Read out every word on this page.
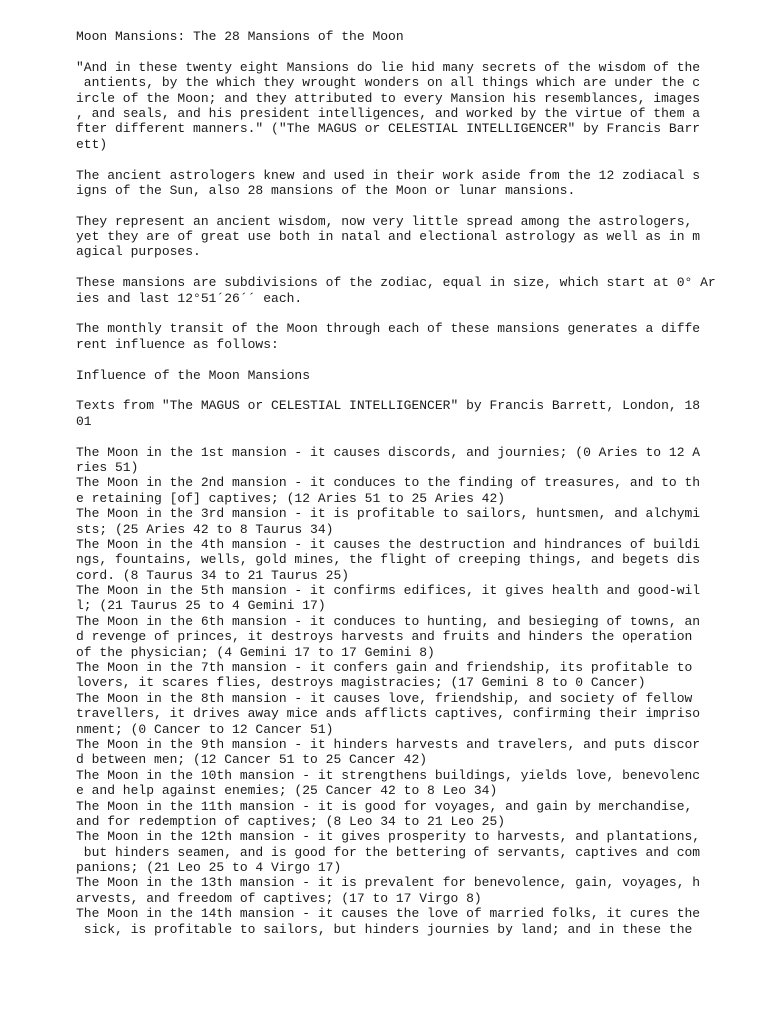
Moon Mansions: The 28 Mansions of the Moon
"And in these twenty eight Mansions do lie hid many secrets of the wisdom of the
antients, by the which they wrought wonders on all things which are under the c
ircle of the Moon; and they attributed to every Mansion his resemblances, images
, and seals, and his president intelligences, and worked by the virtue of them a
fter different manners." ("The MAGUS or CELESTIAL INTELLIGENCER" by Francis Barr
ett)
The ancient astrologers knew and used in their work aside from the 12 zodiacal s
igns of the Sun, also 28 mansions of the Moon or lunar mansions.
They represent an ancient wisdom, now very little spread among the astrologers,
yet they are of great use both in natal and electional astrology as well as in m
agical purposes.
These mansions are subdivisions of the zodiac, equal in size, which start at 0° Ar
ies and last 12°51´26´´ each.
The monthly transit of the Moon through each of these mansions generates a diffe
rent influence as follows:
Influence of the Moon Mansions
Texts from "The MAGUS or CELESTIAL INTELLIGENCER" by Francis Barrett, London, 18
01
The Moon in the 1st mansion - it causes discords, and journies; (0 Aries to 12 A
ries 51)
The Moon in the 2nd mansion - it conduces to the finding of treasures, and to th
e retaining [of] captives; (12 Aries 51 to 25 Aries 42)
The Moon in the 3rd mansion - it is profitable to sailors, huntsmen, and alchymi
sts; (25 Aries 42 to 8 Taurus 34)
The Moon in the 4th mansion - it causes the destruction and hindrances of buildi
ngs, fountains, wells, gold mines, the flight of creeping things, and begets dis
cord. (8 Taurus 34 to 21 Taurus 25)
The Moon in the 5th mansion - it confirms edifices, it gives health and good-wil
l; (21 Taurus 25 to 4 Gemini 17)
The Moon in the 6th mansion - it conduces to hunting, and besieging of towns, an
d revenge of princes, it destroys harvests and fruits and hinders the operation
of the physician; (4 Gemini 17 to 17 Gemini 8)
The Moon in the 7th mansion - it confers gain and friendship, its profitable to
lovers, it scares flies, destroys magistracies; (17 Gemini 8 to 0 Cancer)
The Moon in the 8th mansion - it causes love, friendship, and society of fellow
travellers, it drives away mice ands afflicts captives, confirming their impriso
nment; (0 Cancer to 12 Cancer 51)
The Moon in the 9th mansion - it hinders harvests and travelers, and puts discor
d between men; (12 Cancer 51 to 25 Cancer 42)
The Moon in the 10th mansion - it strengthens buildings, yields love, benevolenc
e and help against enemies; (25 Cancer 42 to 8 Leo 34)
The Moon in the 11th mansion - it is good for voyages, and gain by merchandise,
and for redemption of captives; (8 Leo 34 to 21 Leo 25)
The Moon in the 12th mansion - it gives prosperity to harvests, and plantations,
but hinders seamen, and is good for the bettering of servants, captives and com
panions; (21 Leo 25 to 4 Virgo 17)
The Moon in the 13th mansion - it is prevalent for benevolence, gain, voyages, h
arvests, and freedom of captives; (17 to 17 Virgo 8)
The Moon in the 14th mansion - it causes the love of married folks, it cures the
sick, is profitable to sailors, but hinders journies by land; and in these the
